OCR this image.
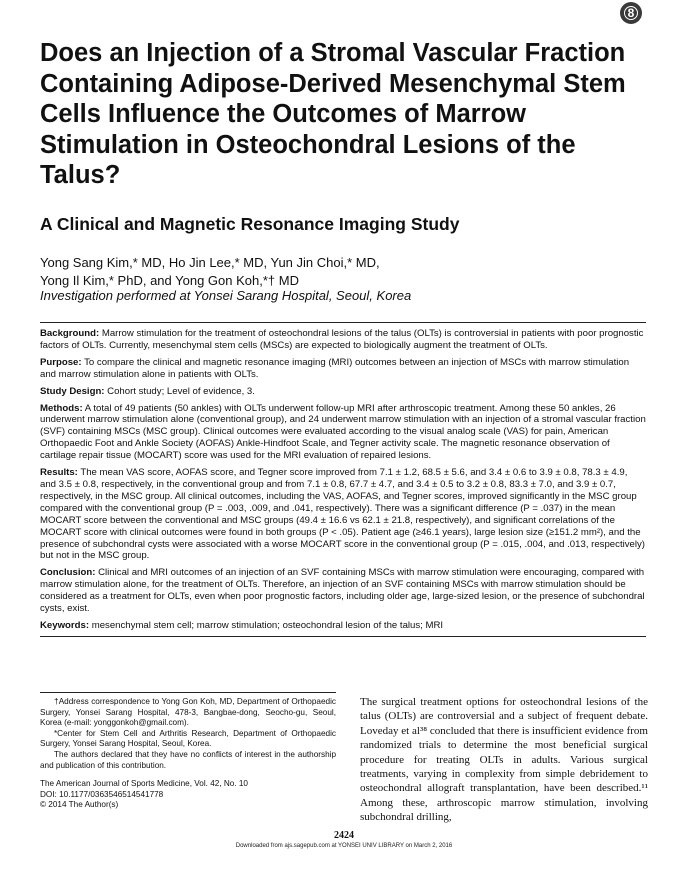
8
Does an Injection of a Stromal Vascular Fraction Containing Adipose-Derived Mesenchymal Stem Cells Influence the Outcomes of Marrow Stimulation in Osteochondral Lesions of the Talus?
A Clinical and Magnetic Resonance Imaging Study
Yong Sang Kim,* MD, Ho Jin Lee,* MD, Yun Jin Choi,* MD,
Yong Il Kim,* PhD, and Yong Gon Koh,*† MD
Investigation performed at Yonsei Sarang Hospital, Seoul, Korea

Background: Marrow stimulation for the treatment of osteochondral lesions of the talus (OLTs) is controversial in patients with poor prognostic factors of OLTs. Currently, mesenchymal stem cells (MSCs) are expected to biologically augment the treatment of OLTs.

Purpose: To compare the clinical and magnetic resonance imaging (MRI) outcomes between an injection of MSCs with marrow stimulation and marrow stimulation alone in patients with OLTs.

Study Design: Cohort study; Level of evidence, 3.

Methods: A total of 49 patients (50 ankles) with OLTs underwent follow-up MRI after arthroscopic treatment. Among these 50 ankles, 26 underwent marrow stimulation alone (conventional group), and 24 underwent marrow stimulation with an injection of a stromal vascular fraction (SVF) containing MSCs (MSC group). Clinical outcomes were evaluated according to the visual analog scale (VAS) for pain, American Orthopaedic Foot and Ankle Society (AOFAS) Ankle-Hindfoot Scale, and Tegner activity scale. The magnetic resonance observation of cartilage repair tissue (MOCART) score was used for the MRI evaluation of repaired lesions.

Results: The mean VAS score, AOFAS score, and Tegner score improved from 7.1 ± 1.2, 68.5 ± 5.6, and 3.4 ± 0.6 to 3.9 ± 0.8, 78.3 ± 4.9, and 3.5 ± 0.8, respectively, in the conventional group and from 7.1 ± 0.8, 67.7 ± 4.7, and 3.4 ± 0.5 to 3.2 ± 0.8, 83.3 ± 7.0, and 3.9 ± 0.7, respectively, in the MSC group. All clinical outcomes, including the VAS, AOFAS, and Tegner scores, improved significantly in the MSC group compared with the conventional group (P = .003, .009, and .041, respectively). There was a significant difference (P = .037) in the mean MOCART score between the conventional and MSC groups (49.4 ± 16.6 vs 62.1 ± 21.8, respectively), and significant correlations of the MOCART score with clinical outcomes were found in both groups (P < .05). Patient age (≥46.1 years), large lesion size (≥151.2 mm²), and the presence of subchondral cysts were associated with a worse MOCART score in the conventional group (P = .015, .004, and .013, respectively) but not in the MSC group.

Conclusion: Clinical and MRI outcomes of an injection of an SVF containing MSCs with marrow stimulation were encouraging, compared with marrow stimulation alone, for the treatment of OLTs. Therefore, an injection of an SVF containing MSCs with marrow stimulation should be considered as a treatment for OLTs, even when poor prognostic factors, including older age, large-sized lesion, or the presence of subchondral cysts, exist.

Keywords: mesenchymal stem cell; marrow stimulation; osteochondral lesion of the talus; MRI

†Address correspondence to Yong Gon Koh, MD, Department of Orthopaedic Surgery, Yonsei Sarang Hospital, 478-3, Bangbae-dong, Seocho-gu, Seoul, Korea (e-mail: yonggonkoh@gmail.com).

*Center for Stem Cell and Arthritis Research, Department of Orthopaedic Surgery, Yonsei Sarang Hospital, Seoul, Korea.

The authors declared that they have no conflicts of interest in the authorship and publication of this contribution.

The American Journal of Sports Medicine, Vol. 42, No. 10
DOI: 10.1177/0363546514541778
© 2014 The Author(s)

The surgical treatment options for osteochondral lesions of the talus (OLTs) are controversial and a subject of frequent debate. Loveday et al³⁸ concluded that there is insufficient evidence from randomized trials to determine the most beneficial surgical procedure for treating OLTs in adults. Various surgical treatments, varying in complexity from simple debridement to osteochondral allograft transplantation, have been described.¹¹ Among these, arthroscopic marrow stimulation, involving subchondral drilling,
2424
Downloaded from ajs.sagepub.com at YONSEI UNIV LIBRARY on March 2, 2016
